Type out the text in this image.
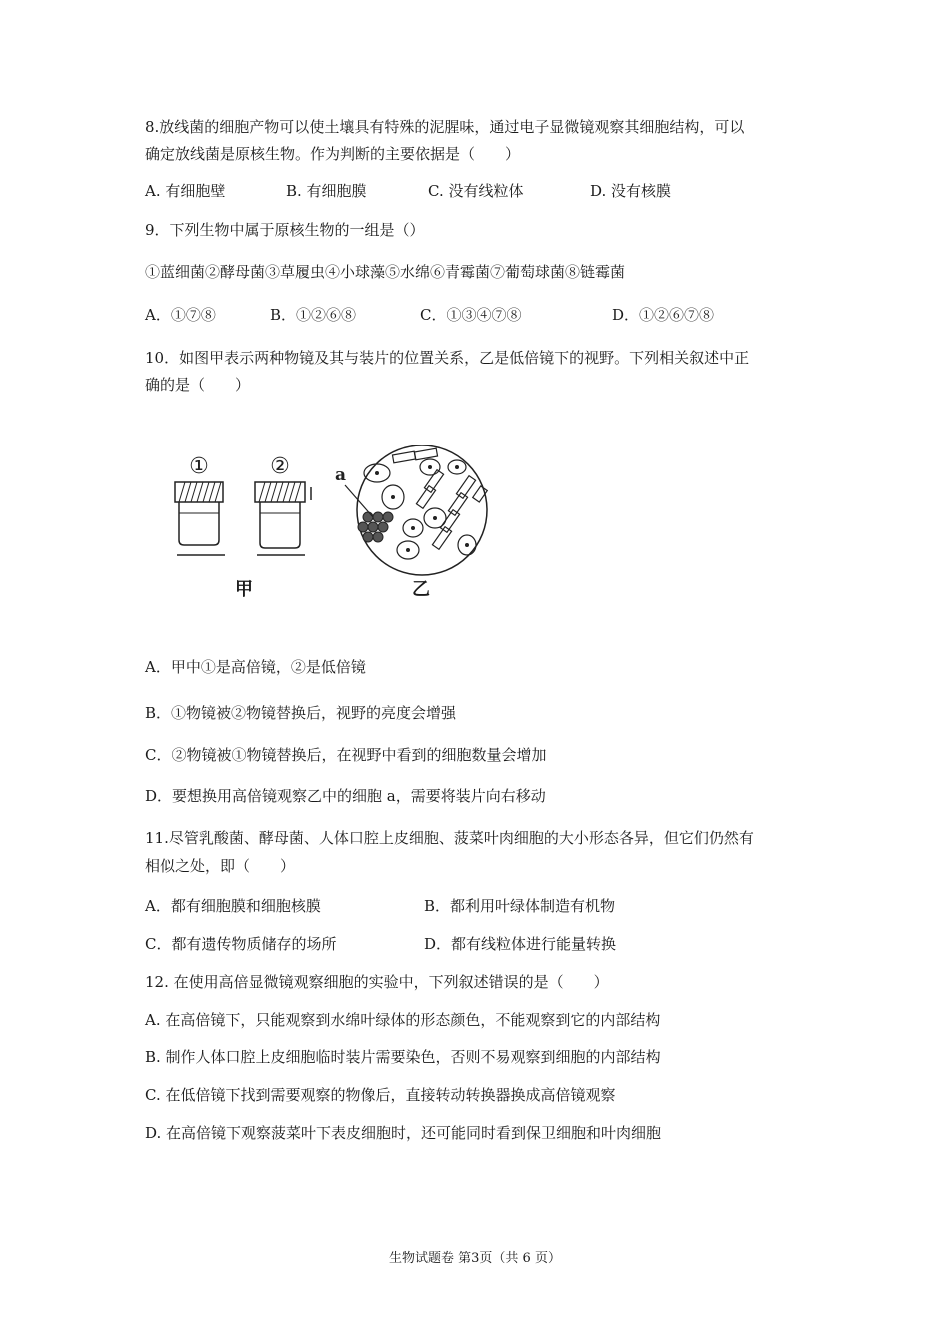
8.放线菌的细胞产物可以使土壤具有特殊的泥腥味，通过电子显微镜观察其细胞结构，可以
确定放线菌是原核生物。作为判断的主要依据是（　　）
A. 有细胞壁	B. 有细胞膜	C. 没有线粒体	D. 没有核膜
9．下列生物中属于原核生物的一组是（）
①蓝细菌②酵母菌③草履虫④小球藻⑤水绵⑥青霉菌⑦葡萄球菌⑧链霉菌
A．①⑦⑧	B．①②⑥⑧	C．①③④⑦⑧	D．①②⑥⑦⑧
10．如图甲表示两种物镜及其与装片的位置关系，乙是低倍镜下的视野。下列相关叙述中正
确的是（　　）
①	②	a
甲	乙
A．甲中①是高倍镜，②是低倍镜
B．①物镜被②物镜替换后，视野的亮度会增强
C．②物镜被①物镜替换后，在视野中看到的细胞数量会增加
D．要想换用高倍镜观察乙中的细胞 a，需要将装片向右移动
11.尽管乳酸菌、酵母菌、人体口腔上皮细胞、菠菜叶肉细胞的大小形态各异，但它们仍然有
相似之处，即（　　）
A．都有细胞膜和细胞核膜	B．都利用叶绿体制造有机物
C．都有遗传物质储存的场所	D．都有线粒体进行能量转换
12. 在使用高倍显微镜观察细胞的实验中，下列叙述错误的是（　　）
A. 在高倍镜下，只能观察到水绵叶绿体的形态颜色，不能观察到它的内部结构
B. 制作人体口腔上皮细胞临时装片需要染色，否则不易观察到细胞的内部结构
C. 在低倍镜下找到需要观察的物像后，直接转动转换器换成高倍镜观察
D. 在高倍镜下观察菠菜叶下表皮细胞时，还可能同时看到保卫细胞和叶肉细胞
生物试题卷 第3页（共 6 页）
